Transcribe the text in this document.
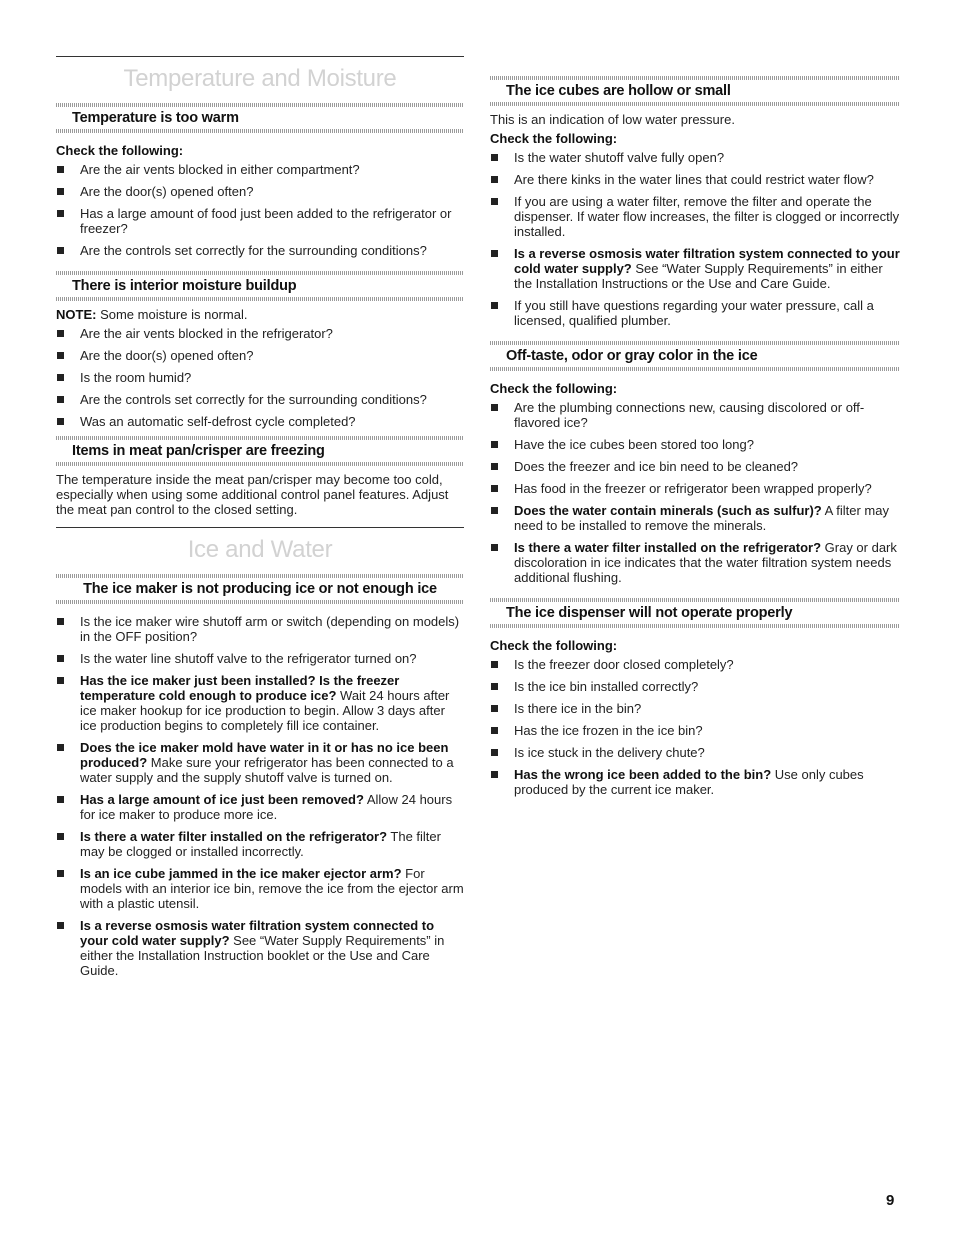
Temperature and Moisture
Temperature is too warm
Check the following:
Are the air vents blocked in either compartment?
Are the door(s) opened often?
Has a large amount of food just been added to the refrigerator or freezer?
Are the controls set correctly for the surrounding conditions?
There is interior moisture buildup
NOTE: Some moisture is normal.
Are the air vents blocked in the refrigerator?
Are the door(s) opened often?
Is the room humid?
Are the controls set correctly for the surrounding conditions?
Was an automatic self-defrost cycle completed?
Items in meat pan/crisper are freezing
The temperature inside the meat pan/crisper may become too cold, especially when using some additional control panel features. Adjust the meat pan control to the closed setting.
Ice and Water
The ice maker is not producing ice or not enough ice
Is the ice maker wire shutoff arm or switch (depending on models) in the OFF position?
Is the water line shutoff valve to the refrigerator turned on?
Has the ice maker just been installed? Is the freezer temperature cold enough to produce ice? Wait 24 hours after ice maker hookup for ice production to begin. Allow 3 days after ice production begins to completely fill ice container.
Does the ice maker mold have water in it or has no ice been produced? Make sure your refrigerator has been connected to a water supply and the supply shutoff valve is turned on.
Has a large amount of ice just been removed? Allow 24 hours for ice maker to produce more ice.
Is there a water filter installed on the refrigerator? The filter may be clogged or installed incorrectly.
Is an ice cube jammed in the ice maker ejector arm? For models with an interior ice bin, remove the ice from the ejector arm with a plastic utensil.
Is a reverse osmosis water filtration system connected to your cold water supply? See “Water Supply Requirements” in either the Installation Instruction booklet or the Use and Care Guide.
The ice cubes are hollow or small
This is an indication of low water pressure.
Check the following:
Is the water shutoff valve fully open?
Are there kinks in the water lines that could restrict water flow?
If you are using a water filter, remove the filter and operate the dispenser. If water flow increases, the filter is clogged or incorrectly installed.
Is a reverse osmosis water filtration system connected to your cold water supply? See “Water Supply Requirements” in either the Installation Instructions or the Use and Care Guide.
If you still have questions regarding your water pressure, call a licensed, qualified plumber.
Off-taste, odor or gray color in the ice
Check the following:
Are the plumbing connections new, causing discolored or off-flavored ice?
Have the ice cubes been stored too long?
Does the freezer and ice bin need to be cleaned?
Has food in the freezer or refrigerator been wrapped properly?
Does the water contain minerals (such as sulfur)? A filter may need to be installed to remove the minerals.
Is there a water filter installed on the refrigerator? Gray or dark discoloration in ice indicates that the water filtration system needs additional flushing.
The ice dispenser will not operate properly
Check the following:
Is the freezer door closed completely?
Is the ice bin installed correctly?
Is there ice in the bin?
Has the ice frozen in the ice bin?
Is ice stuck in the delivery chute?
Has the wrong ice been added to the bin? Use only cubes produced by the current ice maker.
9
